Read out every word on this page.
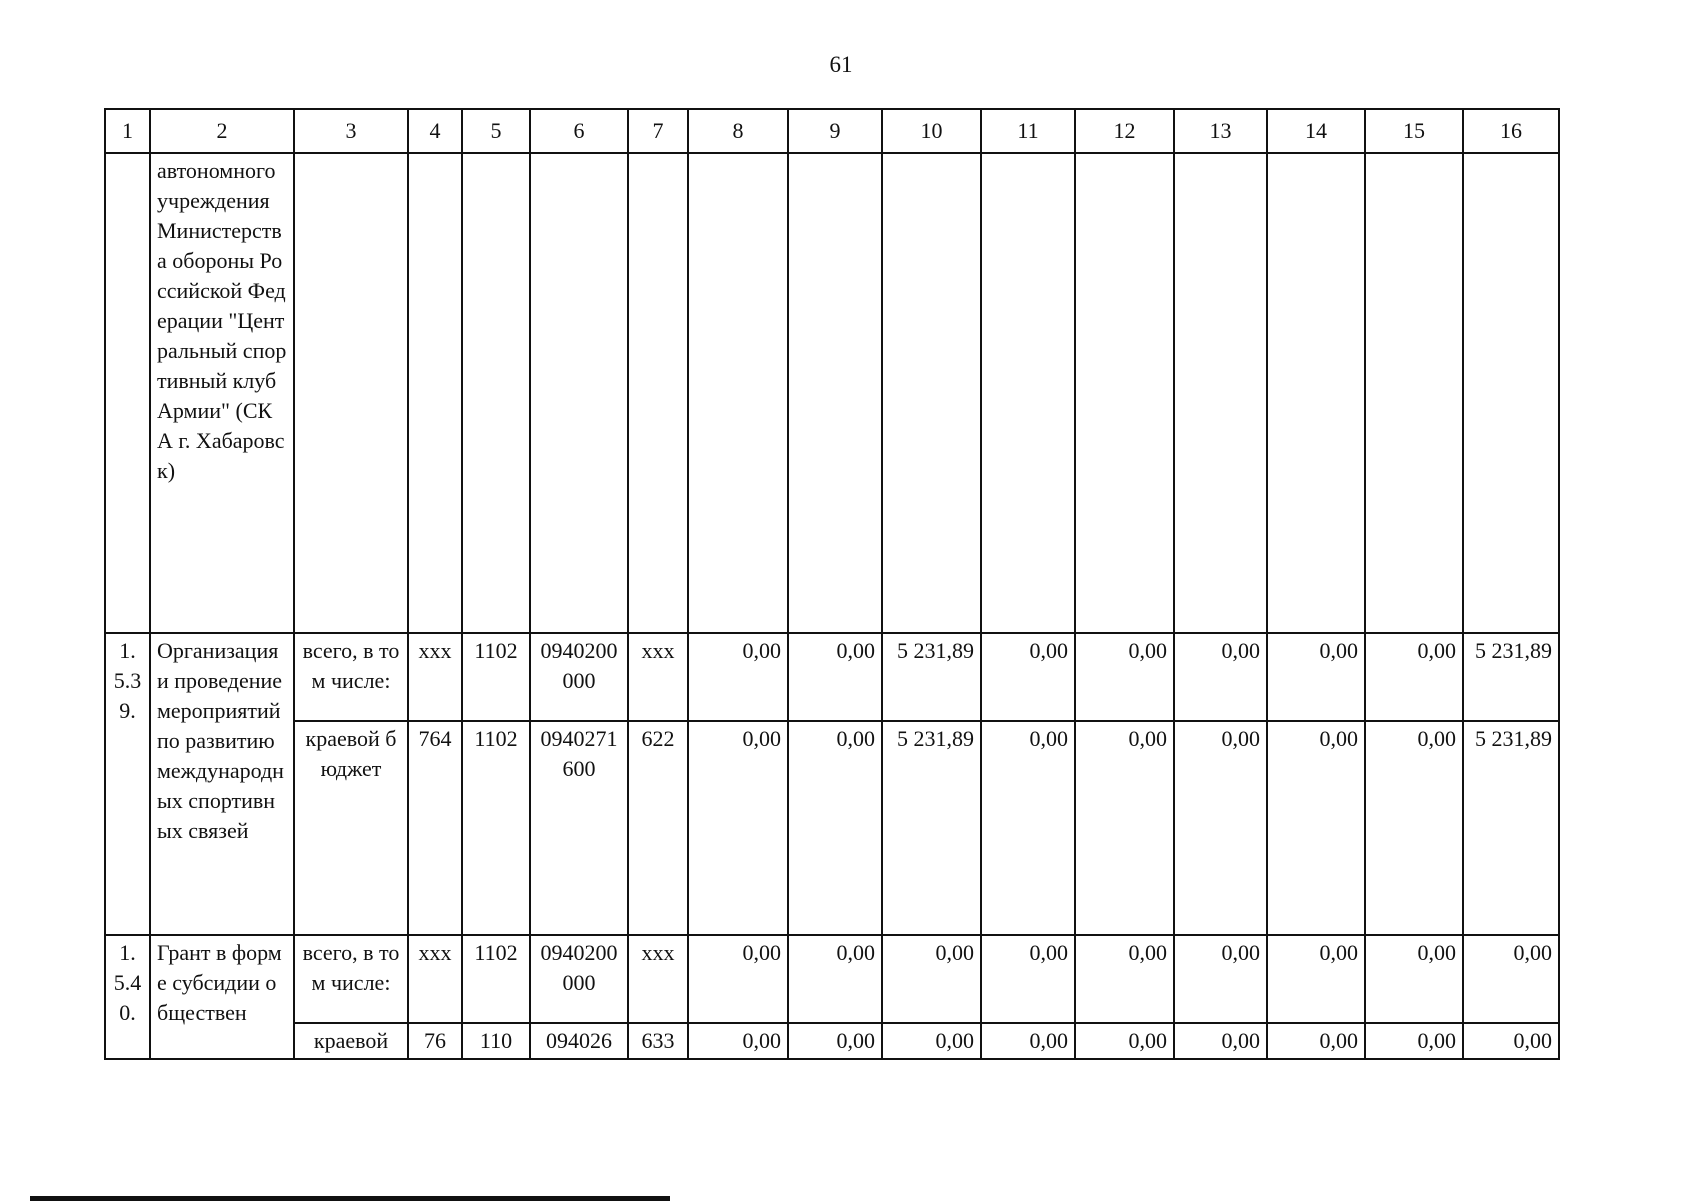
61
1	2	3	4	5	6	7	8	9	10	11	12	13	14	15	16
	автономного учреждения Министерства обороны Российской Федерации "Центральный спортивный клуб Армии" (СКА г. Хабаровск)														
1.5.39.	Организация и проведение мероприятий по развитию международных спортивных связей	всего, в том числе:	ххх	1102	0940200000	ххх	0,00	0,00	5 231,89	0,00	0,00	0,00	0,00	0,00	5 231,89
		краевой бюджет	764	1102	0940271600	622	0,00	0,00	5 231,89	0,00	0,00	0,00	0,00	0,00	5 231,89
1.5.40.	Грант в форме субсидии обществен	всего, в том числе:	ххх	1102	0940200000	ххх	0,00	0,00	0,00	0,00	0,00	0,00	0,00	0,00	0,00
		краевой	76	110	094026	633	0,00	0,00	0,00	0,00	0,00	0,00	0,00	0,00	0,00
